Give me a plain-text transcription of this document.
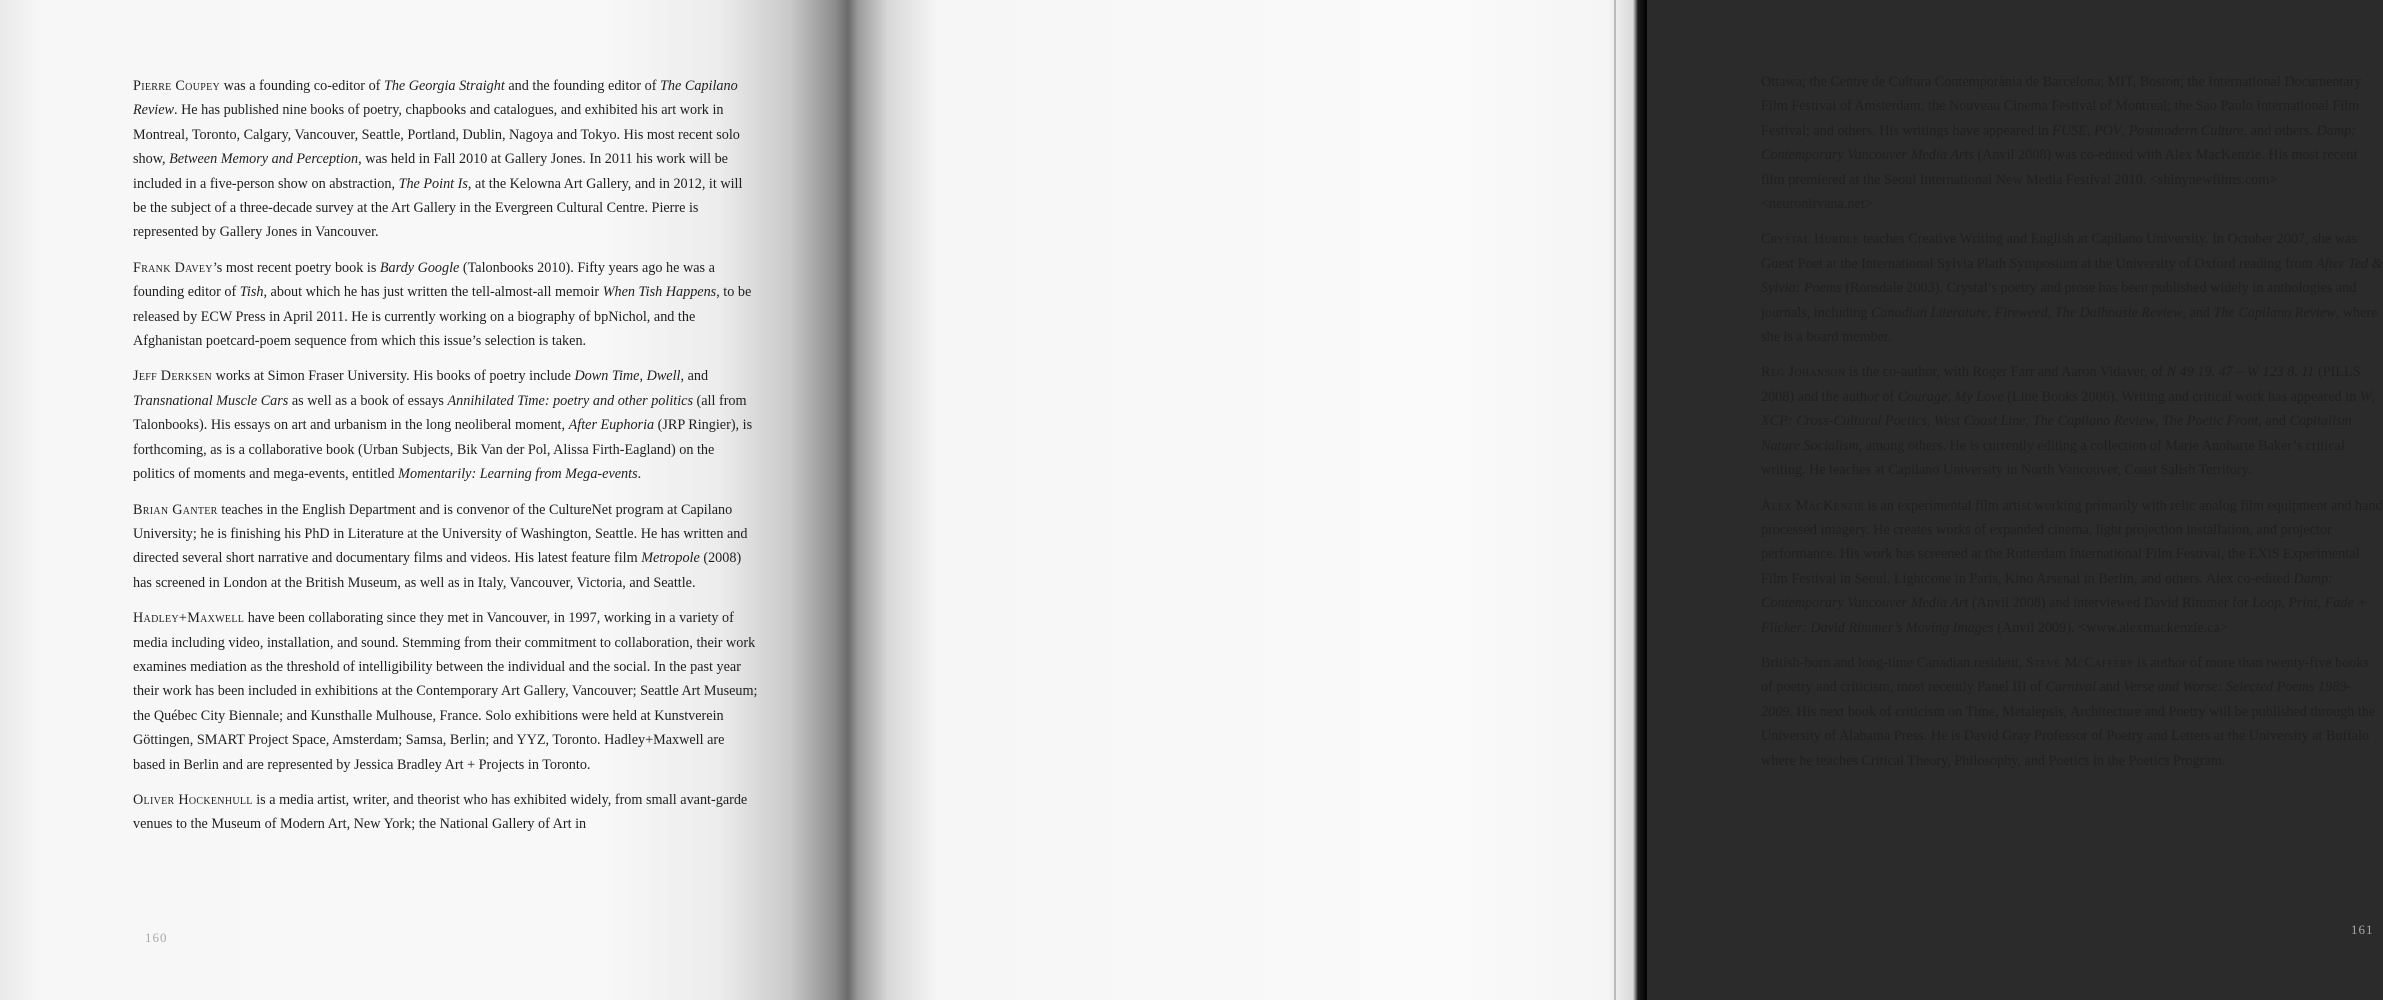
Pierre Coupey was a founding co-editor of The Georgia Straight and the founding editor of The Capilano Review. He has published nine books of poetry, chapbooks and catalogues, and exhibited his art work in Montreal, Toronto, Calgary, Vancouver, Seattle, Portland, Dublin, Nagoya and Tokyo. His most recent solo show, Between Memory and Perception, was held in Fall 2010 at Gallery Jones. In 2011 his work will be included in a five-person show on abstraction, The Point Is, at the Kelowna Art Gallery, and in 2012, it will be the subject of a three-decade survey at the Art Gallery in the Evergreen Cultural Centre. Pierre is represented by Gallery Jones in Vancouver.

Frank Davey’s most recent poetry book is Bardy Google (Talonbooks 2010). Fifty years ago he was a founding editor of Tish, about which he has just written the tell-almost-all memoir When Tish Happens, to be released by ECW Press in April 2011. He is currently working on a biography of bpNichol, and the Afghanistan poetcard-poem sequence from which this issue’s selection is taken.

Jeff Derksen works at Simon Fraser University. His books of poetry include Down Time, Dwell, and Transnational Muscle Cars as well as a book of essays Annihilated Time: poetry and other politics (all from Talonbooks). His essays on art and urbanism in the long neoliberal moment, After Euphoria (JRP Ringier), is forthcoming, as is a collaborative book (Urban Subjects, Bik Van der Pol, Alissa Firth-Eagland) on the politics of moments and mega-events, entitled Momentarily: Learning from Mega-events.

Brian Ganter teaches in the English Department and is convenor of the CultureNet program at Capilano University; he is finishing his PhD in Literature at the University of Washington, Seattle. He has written and directed several short narrative and documentary films and videos. His latest feature film Metropole (2008) has screened in London at the British Museum, as well as in Italy, Vancouver, Victoria, and Seattle.

Hadley+Maxwell have been collaborating since they met in Vancouver, in 1997, working in a variety of media including video, installation, and sound. Stemming from their commitment to collaboration, their work examines mediation as the threshold of intelligibility between the individual and the social. In the past year their work has been included in exhibitions at the Contemporary Art Gallery, Vancouver; Seattle Art Museum; the Québec City Biennale; and Kunsthalle Mulhouse, France. Solo exhibitions were held at Kunstverein Göttingen, SMART Project Space, Amsterdam; Samsa, Berlin; and YYZ, Toronto. Hadley+Maxwell are based in Berlin and are represented by Jessica Bradley Art + Projects in Toronto.

Oliver Hockenhull is a media artist, writer, and theorist who has exhibited widely, from small avant-garde venues to the Museum of Modern Art, New York; the National Gallery of Art in

160

Ottawa; the Centre de Cultura Contemporània de Barcelona; MIT, Boston; the International Documentary Film Festival of Amsterdam; the Nouveau Cinema Festival of Montreal; the Sao Paulo International Film Festival; and others. His writings have appeared in FUSE, POV, Postmodern Culture, and others. Damp: Contemporary Vancouver Media Arts (Anvil 2008) was co-edited with Alex MacKenzie. His most recent film premiered at the Seoul International New Media Festival 2010. <shinynewfilms.com> <neuronirvana.net>

Crystal Hurdle teaches Creative Writing and English at Capilano University. In October 2007, she was Guest Poet at the International Sylvia Plath Symposium at the University of Oxford reading from After Ted & Sylvia: Poems (Ronsdale 2003). Crystal’s poetry and prose has been published widely in anthologies and journals, including Canadian Literature, Fireweed, The Dalhousie Review, and The Capilano Review, where she is a board member.

Reg Johanson is the co-author, with Roger Farr and Aaron Vidaver, of N 49 19. 47 – W 123 8. 11 (PILLS 2008) and the author of Courage, My Love (Line Books 2006). Writing and critical work has appeared in W, XCP: Cross-Cultural Poetics, West Coast Line, The Capilano Review, The Poetic Front, and Capitalism Nature Socialism, among others. He is currently editing a collection of Marie Annharte Baker’s critical writing. He teaches at Capilano University in North Vancouver, Coast Salish Territory.

Alex MacKenzie is an experimental film artist working primarily with relic analog film equipment and hand processed imagery. He creates works of expanded cinema, light projection installation, and projector performance. His work has screened at the Rotterdam International Film Festival, the EXiS Experimental Film Festival in Seoul, Lightcone in Paris, Kino Arsenal in Berlin, and others. Alex co-edited Damp: Contemporary Vancouver Media Art (Anvil 2008) and interviewed David Rimmer for Loop, Print, Fade + Flicker: David Rimmer’s Moving Images (Anvil 2009). <www.alexmackenzie.ca>

British-born and long-time Canadian resident, Steve McCaffery is author of more than twenty-five books of poetry and criticism, most recently Panel III of Carnival and Verse and Worse: Selected Poems 1989-2009. His next book of criticism on Time, Metalepsis, Architecture and Poetry will be published through the University of Alabama Press. He is David Gray Professor of Poetry and Letters at the University at Buffalo where he teaches Critical Theory, Philosophy, and Poetics in the Poetics Program.

161
